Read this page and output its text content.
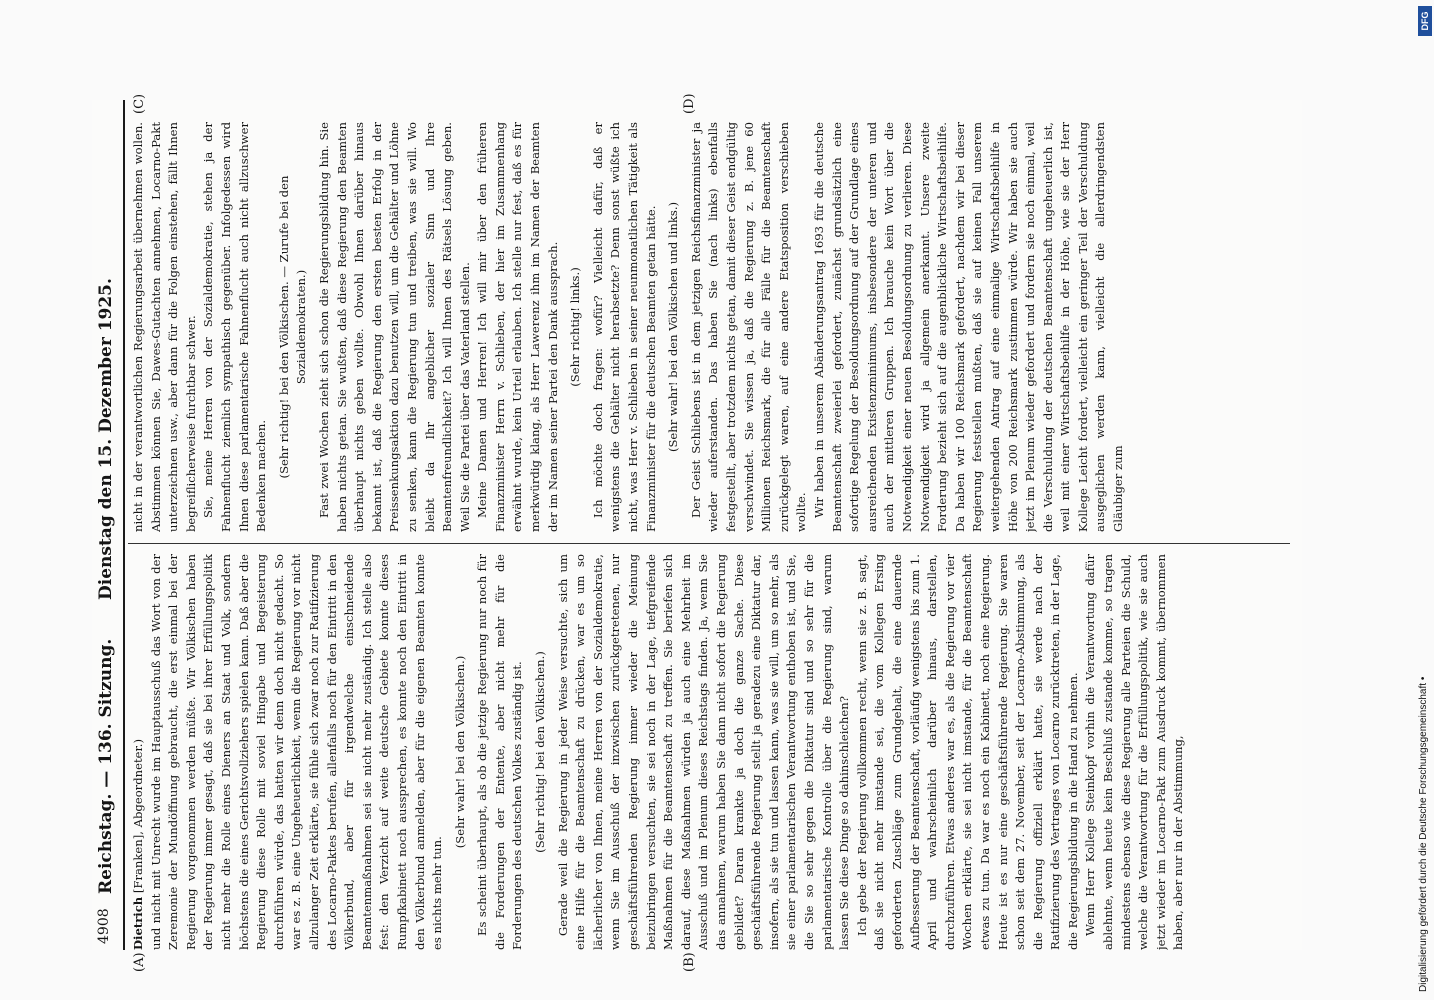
4908
Reichstag. — 136. Sitzung.
Dienstag den 15. Dezember 1925.
(A)	(B)
(C)	(D)

Dietrich [Franken], Abgeordneter.) und nicht mit Unrecht wurde im Hauptausschuß das Wort von der Zeremonie der Mundöffnung gebraucht, die erst einmal bei der Regierung vorgenommen werden müßte. Wir Völkischen haben der Regierung immer gesagt, daß sie bei ihrer Erfüllungspolitik nicht mehr die Rolle eines Dieners an Staat und Volk, sondern höchstens die eines Gerichtsvollziehers spielen kann. Daß aber die Regierung diese Rolle mit soviel Hingabe und Begeisterung durchführen würde, das hatten wir denn doch nicht gedacht. So war es z. B. eine Ungeheuerlichkeit, wenn die Regierung vor nicht allzulanger Zeit erklärte, sie fühle sich zwar noch zur Ratifizierung des Locarno-Paktes berufen, allenfalls noch für den Eintritt in den Völkerbund, aber für irgendwelche einschneidende Beamtenmaßnahmen sei sie nicht mehr zuständig. Ich stelle also fest: den Verzicht auf weite deutsche Gebiete konnte dieses Rumpfkabinett noch aussprechen, es konnte noch den Eintritt in den Völkerbund anmelden, aber für die eigenen Beamten konnte es nichts mehr tun.

(Sehr wahr! bei den Völkischen.) Es scheint überhaupt, als ob die jetzige Regierung nur noch für die Forderungen der Entente, aber nicht mehr für die Forderungen des deutschen Volkes zuständig ist. (Sehr richtig! bei den Völkischen.) Gerade weil die Regierung in jeder Weise versuchte, sich um eine Hilfe für die Beamtenschaft zu drücken, war es um so lächerlicher von Ihnen, meine Herren von der Sozialdemokratie, wenn Sie im Ausschuß der inzwischen zurückgetretenen, nur geschäftsführenden Regierung immer wieder die Meinung beizubringen versuchten, sie sei noch in der Lage, tiefgreifende Maßnahmen für die Beamtenschaft zu treffen. Sie beriefen sich darauf, diese Maßnahmen würden ja auch eine Mehrheit im Ausschuß und im Plenum dieses Reichstags finden. Ja, wenn Sie das annahmen, warum haben Sie dann nicht sofort die Regierung gebildet? Daran krankte ja doch die ganze Sache. Diese geschäftsführende Regierung stellt ja geradezu eine Diktatur dar, insofern, als sie tun und lassen kann, was sie will, um so mehr, als sie einer parlamentarischen Verantwortung enthoben ist, und Sie, die Sie so sehr gegen die Diktatur sind und so sehr für die parlamentarische Kontrolle über die Regierung sind, warum lassen Sie diese Dinge so dahinschleichen? Ich gebe der Regierung vollkommen recht, wenn sie z. B. sagt, daß sie nicht mehr imstande sei, die vom Kollegen Ersing geforderten Zuschläge zum Grundgehalt, die eine dauernde Aufbesserung der Beamtenschaft, vorläufig wenigstens bis zum 1. April und wahrscheinlich darüber hinaus, darstellen, durchzuführen. Etwas anderes war es, als die Regierung vor vier Wochen erklärte, sie sei nicht imstande, für die Beamtenschaft etwas zu tun. Da war es noch ein Kabinett, noch eine Regierung. Heute ist es nur eine geschäftsführende Regierung. Sie waren schon seit dem 27. November, seit der Locarno-Abstimmung, als die Regierung offiziell erklärt hatte, sie werde nach der Ratifizierung des Vertrages von Locarno zurücktreten, in der Lage, die Regierungsbildung in die Hand zu nehmen. Wenn Herr Kollege Steinkopf vorhin die Verantwortung dafür ablehnte, wenn heute kein Beschluß zustande komme, so tragen mindestens ebenso wie diese Regierung alle Parteien die Schuld, welche die Verantwortung für die Erfüllungspolitik, wie sie auch jetzt wieder im Locarno-Pakt zum Ausdruck kommt, übernommen haben, aber nur in der Abstimmung,

nicht in der verantwortlichen Regierungsarbeit übernehmen wollen. Abstimmen können Sie, Dawes-Gutachten annehmen, Locarno-Pakt unterzeichnen usw., aber dann für die Folgen einstehen, fällt Ihnen begreiflicherweise furchtbar schwer. Sie, meine Herren von der Sozialdemokratie, stehen ja der Fahnenflucht ziemlich sympathisch gegenüber. Infolgedessen wird Ihnen diese parlamentarische Fahnenflucht auch nicht allzuschwer Bedenken machen. (Sehr richtig! bei den Völkischen. — Zurufe bei den Sozialdemokraten.) Fast zwei Wochen zieht sich schon die Regierungsbildung hin. Sie haben nichts getan. Sie wußten, daß diese Regierung den Beamten überhaupt nichts geben wollte. Obwohl Ihnen darüber hinaus bekannt ist, daß die Regierung den ersten besten Erfolg in der Preissenkungsaktion dazu benutzen will, um die Gehälter und Löhne zu senken, kann die Regierung tun und treiben, was sie will. Wo bleibt da Ihr angeblicher sozialer Sinn und Ihre Beamtenfreundlichkeit? Ich will Ihnen des Rätsels Lösung geben. Weil Sie die Partei über das Vaterland stellen. Meine Damen und Herren! Ich will mir über den früheren Finanzminister Herrn v. Schlieben, der hier im Zusammenhang erwähnt wurde, kein Urteil erlauben. Ich stelle nur fest, daß es für merkwürdig klang, als Herr Lawerenz ihm im Namen der Beamten der im Namen seiner Partei den Dank aussprach. (Sehr richtig! links.) Ich möchte doch fragen: wofür? Vielleicht dafür, daß er wenigstens die Gehälter nicht herabsetzte? Denn sonst wüßte ich nicht, was Herr v. Schlieben in seiner neunmonatlichen Tätigkeit als Finanzminister für die deutschen Beamten getan hätte. (Sehr wahr! bei den Völkischen und links.) Der Geist Schliebens ist in dem jetzigen Reichsfinanzminister ja wieder auferstanden. Das haben Sie (nach links) ebenfalls festgestellt, aber trotzdem nichts getan, damit dieser Geist endgültig verschwindet. Sie wissen ja, daß die Regierung z. B. jene 60 Millionen Reichsmark, die für alle Fälle für die Beamtenschaft zurückgelegt waren, auf eine andere Etatsposition verschieben wollte. Wir haben in unserem Abänderungsantrag 1693 für die deutsche Beamtenschaft zweierlei gefordert, zunächst grundsätzlich eine sofortige Regelung der Besoldungsordnung auf der Grundlage eines ausreichenden Existenzminimums, insbesondere der unteren und auch der mittleren Gruppen. Ich brauche kein Wort über die Notwendigkeit einer neuen Besoldungsordnung zu verlieren. Diese Notwendigkeit wird ja allgemein anerkannt. Unsere zweite Forderung bezieht sich auf die augenblickliche Wirtschaftsbeihilfe. Da haben wir 100 Reichsmark gefordert, nachdem wir bei dieser Regierung feststellen mußten, daß sie auf keinen Fall unserem weitergehenden Antrag auf eine einmalige Wirtschaftsbeihilfe in Höhe von 200 Reichsmark zustimmen würde. Wir haben sie auch jetzt im Plenum wieder gefordert und fordern sie noch einmal, weil die Verschuldung der deutschen Beamtenschaft ungeheuerlich ist, weil mit einer Wirtschaftsbeihilfe in der Höhe, wie sie der Herr Kollege Leicht fordert, vielleicht ein geringer Teil der Verschuldung ausgeglichen werden kann, vielleicht die allerdringendsten Gläubiger zum

Digitalisierung gefördert durch die Deutsche Forschungsgemeinschaft •
DFG
